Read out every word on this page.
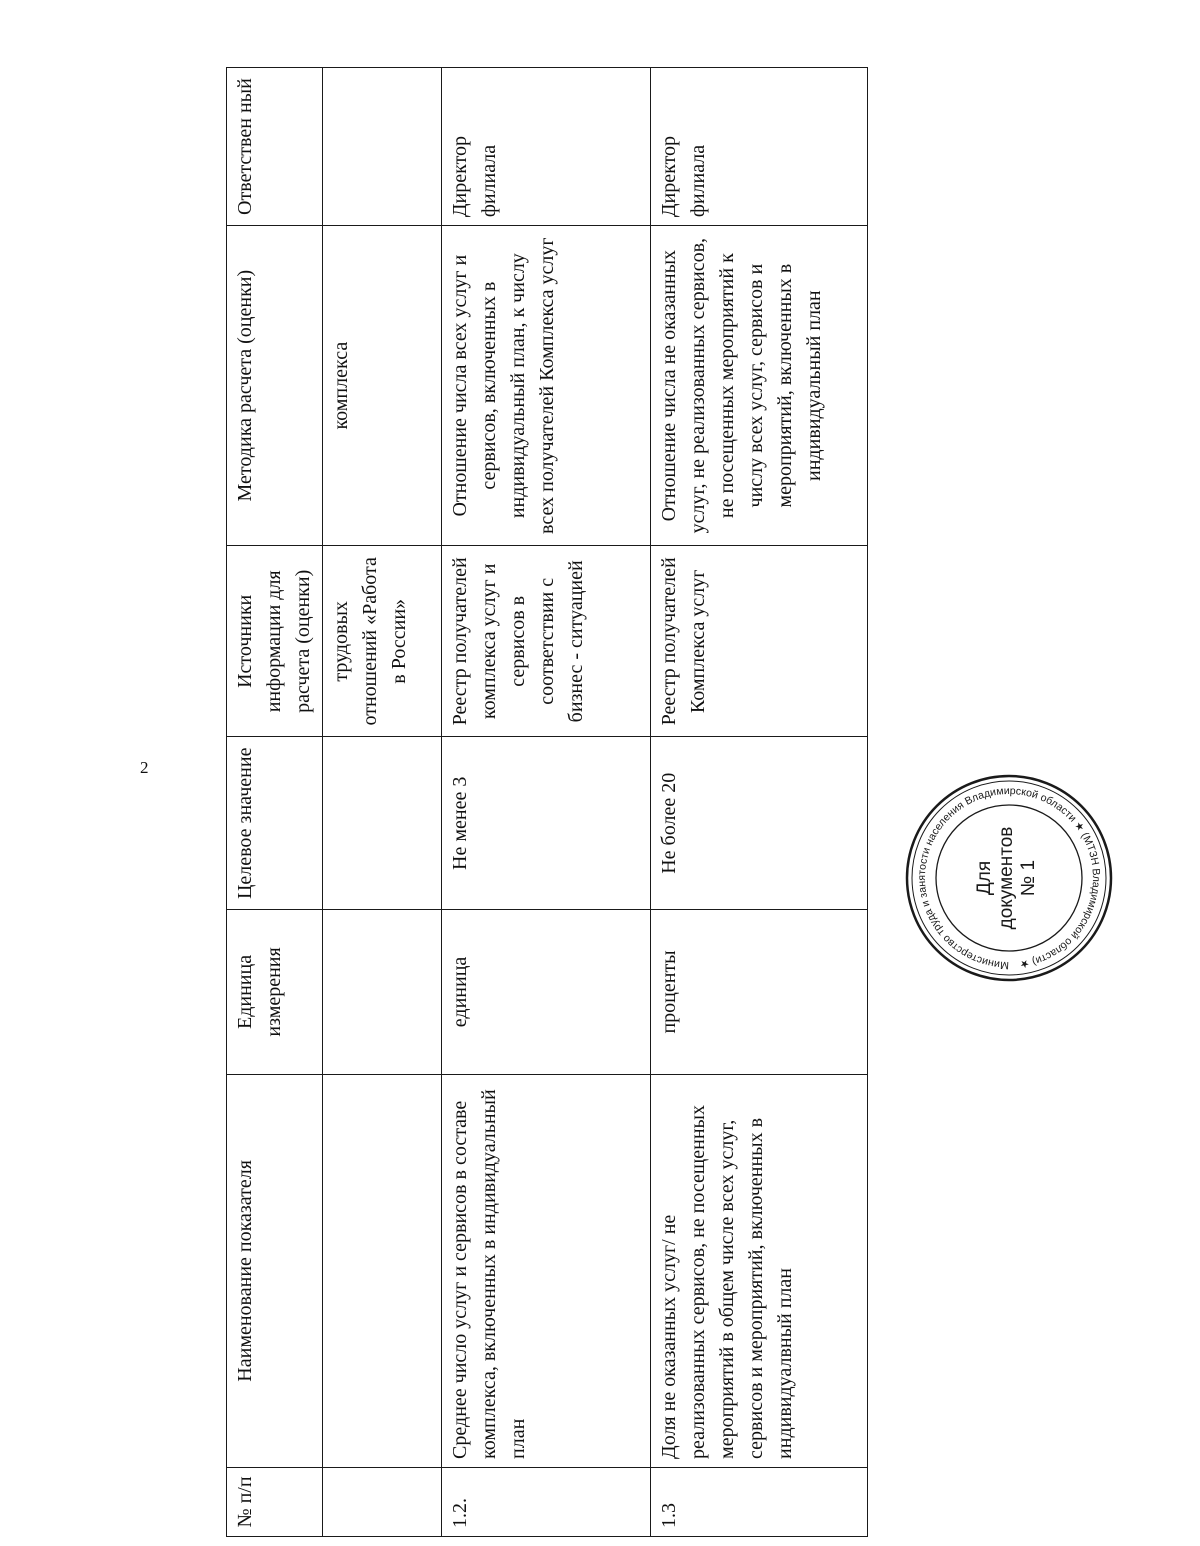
2
№ п/п	Наименование показателя	Единица измерения	Целевое значение	Источники информации для расчета (оценки)	Методика расчета (оценки)	Ответствен ный
				трудовых отношений «Работа в России»	комплекса	
1.2.	Среднее число услуг и сервисов в составе комплекса, включенных в индивидуальный план	единица	Не менее 3	Реестр получателей комплекса услуг и сервисов в соответствии с бизнес - ситуацией	Отношение числа всех услуг и сервисов, включенных в индивидуальный план, к числу всех получателей Комплекса услуг	Директор филиала
1.3	Доля не оказанных услуг/ не реализованных сервисов, не посещенных мероприятий в общем числе всех услуг, сервисов и мероприятий, включенных в индивидуалвный план	проценты	Не более 20	Реестр получателей Комплекса услуг	Отношение числа не оказанных услуг, не реализованных сервисов, не посещенных мероприятий к числу всех услуг, сервисов и мероприятий, включенных в индивидуальный план	Директор филиала
Министерство труда и занятости населения Владимирской области ★ (МТЗН Владимирской области) ★
Для документов № 1
